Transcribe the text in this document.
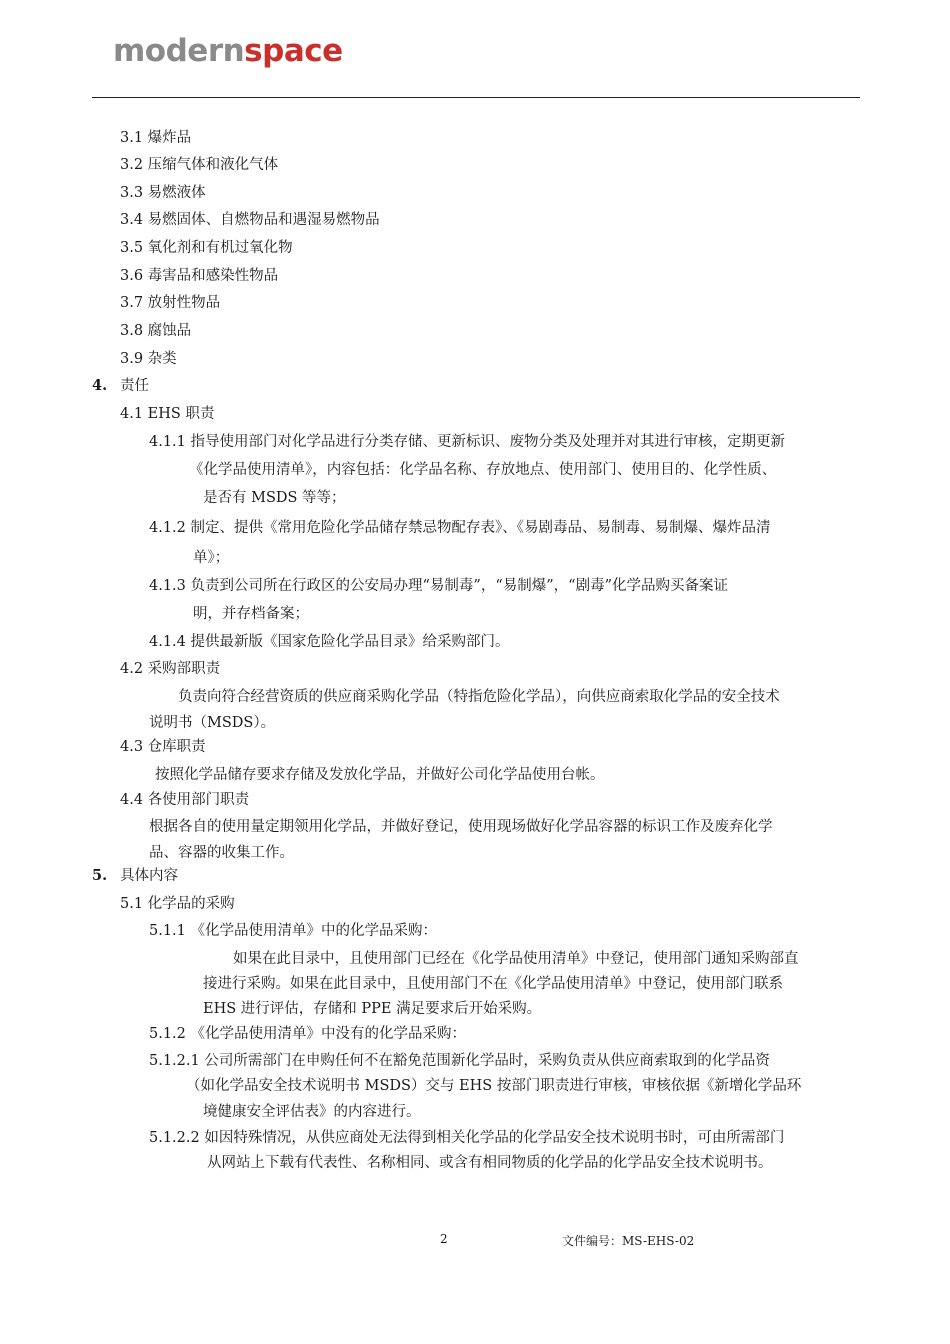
modernspace
3.1 爆炸品
3.2 压缩气体和液化气体
3.3 易燃液体
3.4 易燃固体、自燃物品和遇湿易燃物品
3.5 氧化剂和有机过氧化物
3.6 毒害品和感染性物品
3.7 放射性物品
3.8 腐蚀品
3.9 杂类
4. 责任
4.1 EHS 职责
4.1.1 指导使用部门对化学品进行分类存储、更新标识、废物分类及处理并对其进行审核，定期更新
《化学品使用清单》，内容包括：化学品名称、存放地点、使用部门、使用目的、化学性质、
是否有 MSDS 等等；
4.1.2 制定、提供《常用危险化学品储存禁忌物配存表》、《易剧毒品、易制毒、易制爆、爆炸品清
单》；
4.1.3 负责到公司所在行政区的公安局办理“易制毒”，“易制爆”，“剧毒”化学品购买备案证
明，并存档备案；
4.1.4 提供最新版《国家危险化学品目录》给采购部门。
4.2 采购部职责
负责向符合经营资质的供应商采购化学品（特指危险化学品），向供应商索取化学品的安全技术
说明书（MSDS）。
4.3 仓库职责
按照化学品储存要求存储及发放化学品，并做好公司化学品使用台帐。
4.4 各使用部门职责
根据各自的使用量定期领用化学品，并做好登记，使用现场做好化学品容器的标识工作及废弃化学
品、容器的收集工作。
5. 具体内容
5.1 化学品的采购
5.1.1 《化学品使用清单》中的化学品采购：
如果在此目录中，且使用部门已经在《化学品使用清单》中登记，使用部门通知采购部直
接进行采购。如果在此目录中，且使用部门不在《化学品使用清单》中登记，使用部门联系
EHS 进行评估，存储和 PPE 满足要求后开始采购。
5.1.2 《化学品使用清单》中没有的化学品采购：
5.1.2.1 公司所需部门在申购任何不在豁免范围新化学品时，采购负责从供应商索取到的化学品资
（如化学品安全技术说明书 MSDS）交与 EHS 按部门职责进行审核，审核依据《新增化学品环
境健康安全评估表》的内容进行。
5.1.2.2 如因特殊情况，从供应商处无法得到相关化学品的化学品安全技术说明书时，可由所需部门
从网站上下载有代表性、名称相同、或含有相同物质的化学品的化学品安全技术说明书。
2	文件编号：MS-EHS-02
